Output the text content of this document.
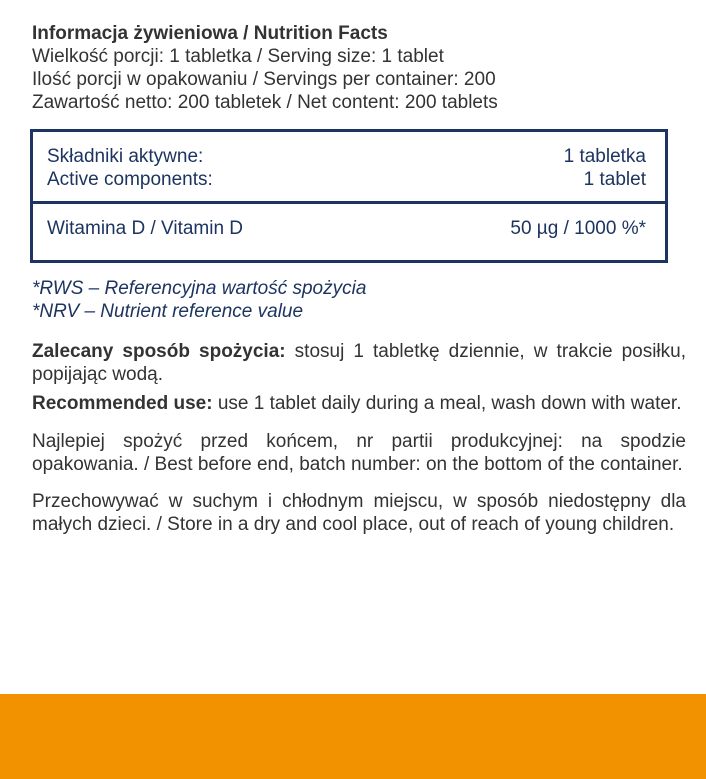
Informacja żywieniowa / Nutrition Facts
Wielkość porcji: 1 tabletka / Serving size: 1 tablet
Ilość porcji w opakowaniu / Servings per container: 200
Zawartość netto: 200 tabletek / Net content: 200 tablets
Składniki aktywne:	1 tabletka
Active components:	1 tablet
Witamina D / Vitamin D	50 µg / 1000 %*
*RWS – Referencyjna wartość spożycia
*NRV – Nutrient reference value
Zalecany sposób spożycia: stosuj 1 tabletkę dziennie, w trakcie posiłku, popijając wodą.
Recommended use: use 1 tablet daily during a meal, wash down with water.
Najlepiej spożyć przed końcem, nr partii produkcyjnej: na spodzie opakowania. / Best before end, batch number: on the bottom of the container.
Przechowywać w suchym i chłodnym miejscu, w sposób niedostępny dla małych dzieci. / Store in a dry and cool place, out of reach of young children.
